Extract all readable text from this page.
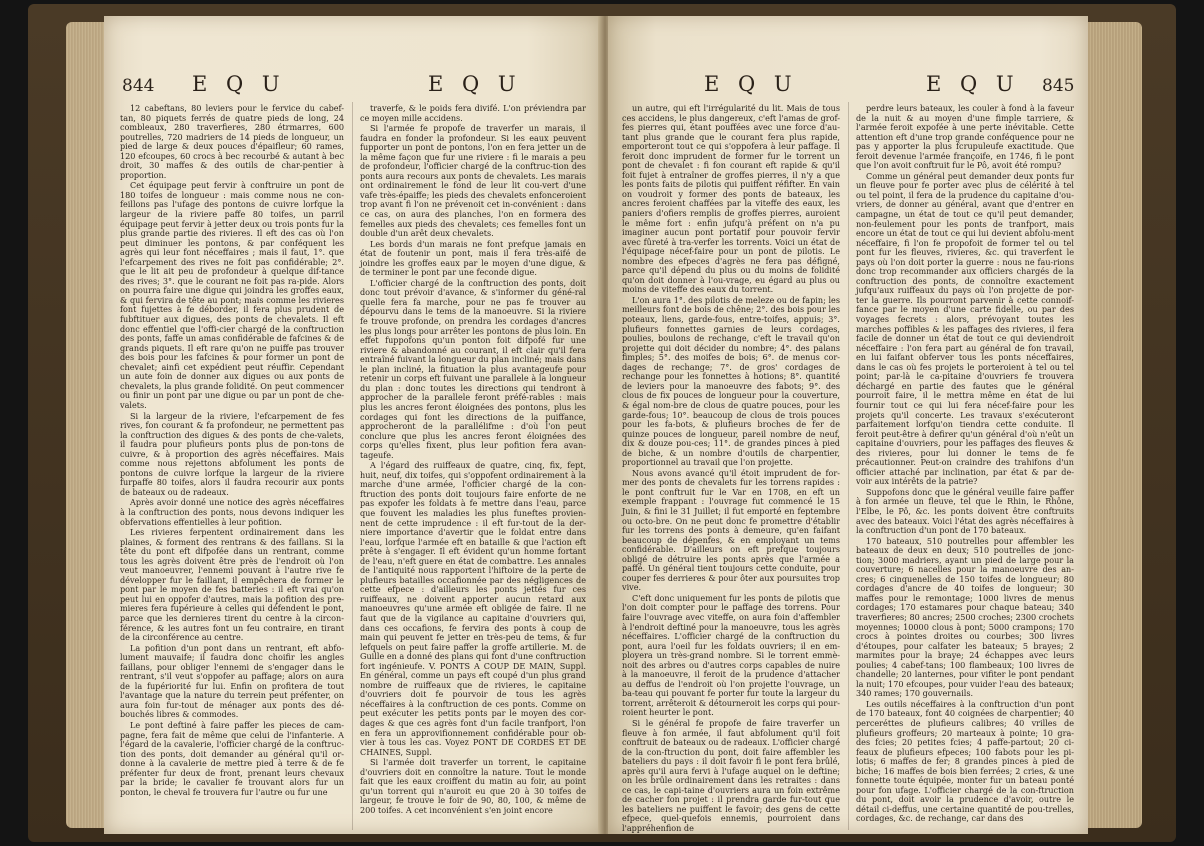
844 E Q U	E Q U

12 cabeftans, 80 leviers pour le fervice du cabef-tan, 80 piquets ferrés de quatre pieds de long, 24 combleaux, 280 traverfieres, 280 étrmarres, 600 poutrelles, 720 madriers de 14 pieds de longueur, un pied de large & deux pouces d'épaifleur; 60 rames, 120 efcoupes, 60 crocs à bec recourbé & autant à bec droit, 30 maffes & des outils de char-pentier à proportion.

Cet équipage peut fervir à conftruire un pont de 180 toifes de longueur : mais comme nous ne con-feillons pas l'ufage des pontons de cuivre lorfque la largeur de la riviere paffe 80 toifes, un parril équipage peut fervir à jetter deux ou trois ponts fur la plus grande partie des rivieres. Il eft des cas où l'on peut diminuer les pontons, & par conféquent les agrès qui leur font néceffaires ; mais il faut, 1°. que l'efcarpement des rives ne foit pas confidérable; 2°. que le lit ait peu de profondeur à quelque dif-tance des rives; 3°. que le courant ne foit pas ra-pide. Alors on pourra faire une digue qui joindra les groffes eaux, & qui fervira de tête au pont; mais comme les rivieres font fujettes à fe déborder, il fera plus prudent de fubftituer aux digues, des ponts de chevalets. Il eft donc effentiel que l'offi-cier chargé de la conftruction des ponts, faffe un amas confidérable de fafcines & de grands piquets. Il eft rare qu'on ne puiffe pas trouver des bois pour les fafcines & pour former un pont de chevalet; ainfi cet expédient peut réuffir. Cependant un aute foin de donner aux digues ou aux ponts de chevalets, la plus grande folidité. On peut commencer ou finir un pont par une digue ou par un pont de che-valets.

Si la largeur de la riviere, l'efcarpement de fes rives, fon courant & fa profondeur, ne permettent pas la conftruction des digues & des ponts de che-valets, il faudra pour plufieurs ponts plus de pon-tons de cuivre, & à proportion des agrès néceffaires. Mais comme nous rejettons abfolument les ponts de pontons de cuivre lorfque la largeur de la riviere furpaffe 80 toifes, alors il faudra recourir aux ponts de bateaux ou de radeaux.

Après avoir donné une notice des agrès néceffaires à la conftruction des ponts, nous devons indiquer les obfervations effentielles à leur pofition.

Les rivieres ferpentent ordinairement dans les plaines, & forment des rentrans & des faillans. Si la tête du pont eft difpofée dans un rentrant, comme tous les agrès doivent être près de l'endroit où l'on veut manoeuvrer, l'ennemi pouvant à l'autre rive fe développer fur le faillant, il empêchera de former le pont par le moyen de fes batteries : il eft vrai qu'on peut lui en oppofer d'autres, mais la pofition des pre-mieres fera fupérieure à celles qui défendent le pont, parce que les dernieres tirent du centre à la circon-férence, & les autres font un feu contraire, en tirant de la circonférence au centre.

La pofition d'un pont dans un rentrant, eft abfo-lument mauvaife; il faudra donc choifir les angles faillans, pour obliger l'ennemi de s'engager dans le rentrant, s'il veut s'oppofer au paffage; alors on aura de la fupériorité fur lui. Enfin on profitera de tout l'avantage que la nature du terrein peut préfenter, on aura foin fur-tout de ménager aux ponts des dé-bouchés libres & commodes.

Le pont deftiné à faire paffer les pieces de cam-pagne, fera fait de même que celui de l'infanterie. A l'égard de la cavalerie, l'officier chargé de la conftruc-tion des ponts, doit demander au général qu'il or-donne à la cavalerie de mettre pied à terre & de fe préfenter fur deux de front, prenant leurs chevaux par la bride; le cavalier fe trouvant alors fur un ponton, le cheval fe trouvera fur l'autre ou fur une

traverfe, & le poids fera divifé. L'on préviendra par ce moyen mille accidens.

Si l'armée fe propofe de traverfer un marais, il faudra en fonder la profondeur. Si les eaux peuvent fupporter un pont de pontons, l'on en fera jetter un de la même façon que fur une riviere : fi le marais a peu de profondeur, l'officier chargé de la conftruc-tion des ponts aura recours aux ponts de chevalets. Les marais ont ordinairement le fond de leur lit cou-vert d'une vafe très-épaiffe; les pieds des chevalets enfonceroient trop avant fi l'on ne prévenoit cet in-convénient : dans ce cas, on aura des planches, l'on en formera des femelles aux pieds des chevalets; ces femelles font un double d'un arêt deux chevalets.

Les bords d'un marais ne font prefque jamais en état de foutenir un pont, mais il fera très-aifé de joindre les groffes eaux par le moyen d'une digue, & de terminer le pont par une feconde digue.

L'officier chargé de la conftruction des ponts, doit donc tout prévoir d'avance, & s'informer du géné-ral quelle fera fa marche, pour ne pas fe trouver au dépourvu dans le tems de la manoeuvre. Si la riviere fe trouve profonde, on prendra les cordages d'ancres les plus longs pour arrêter les pontons de plus loin. En effet fuppofons qu'un ponton foit difpofé fur une riviere & abandonné au courant, il eft clair qu'il fera entraîné fuivant la longueur du plan incliné; mais dans le plan incliné, la fituation la plus avantageufe pour retenir un corps eft fuivant une parallele à la longueur du plan : donc toutes les directions qui tendront à approcher de la parallele feront préfé-rables : mais plus les ancres feront éloignées des pontons, plus les cordages qui font les directions de la puiffance, approcheront de la parallélifme : d'où l'on peut conclure que plus les ancres feront éloignées des corps qu'elles fixent, plus leur pofition fera avan-tageufe.

A l'égard des ruiffeaux de quatre, cinq, fix, fept, huit, neuf, dix toifes, qui s'oppofent ordinairement à la marche d'une armée, l'officier chargé de la con-ftruction des ponts doit toujours faire enforte de ne pas expofer les foldats à fe mettre dans l'eau, parce que fouvent les maladies les plus funeftes provien-nent de cette imprudence : il eft fur-tout de la der-niere importance d'avertir que le foldat entre dans l'eau, lorfque l'armée eft en bataille & que l'action eft prête à s'engager. Il eft évident qu'un homme fortant de l'eau, n'eft guere en état de combattre. Les annales de l'antiquité nous rapportent l'hiftoire de la perte de plufieurs batailles occafionnée par des négligences de cette efpece : d'ailleurs les ponts jettés fur ces ruiffeaux, ne doivent apporter aucun retard aux manoeuvres qu'une armée eft obligée de faire. Il ne faut que de la vigilance au capitaine d'ouvriers qui, dans ces occafions, fe fervira des ponts à coup de main qui peuvent fe jetter en très-peu de tems, & fur lefquels on peut faire paffer la groffe artillerie. M. de Guille en a donné des plans qui font d'une conftruction fort ingénieufe. V. PONTS A COUP DE MAIN, Suppl. En général, comme un pays eft coupé d'un plus grand nombre de ruiffeaux que de rivieres, le capitaine d'ouvriers doit fe pourvoir de tous les agrès néceffaires à la conftruction de ces ponts. Comme on peut exécuter les petits ponts par le moyen des cor-dages & que ces agrès font d'un facile tranfport, l'on en fera un approvifionnement confidérable pour ob-vier à tous les cas. Voyez PONT DE CORDES ET DE CHAINES, Suppl.

Si l'armée doit traverfer un torrent, le capitaine d'ouvriers doit en connoître la nature. Tout le monde fait que les eaux croiffent du matin au foir, au point qu'un torrent qui n'auroit eu que 20 à 30 toifes de largeur, fe trouve le foir de 90, 80, 100, & même de 200 toifes. A cet inconvénient s'en joint encore

E Q U	E Q U 845

un autre, qui eft l'irrégularité du lit. Mais de tous ces accidens, le plus dangereux, c'eft l'amas de grof-fes pierres qui, étant pouffées avec une force d'au-tant plus grande que le courant fera plus rapide, emporteront tout ce qui s'oppofera à leur paffage. Il feroit donc imprudent de former fur le torrent un pont de chevalet : fi fon courant eft rapide & qu'il foit fujet à entraîner de groffes pierres, il n'y a que les ponts faits de pilotis qui puiffent réfifter. En vain on voudroit y former des ponts de bateaux, les ancres feroient chaffées par la viteffe des eaux, les paniers d'ofiers remplis de groffes pierres, auroient le même fort : enfin jufqu'à préfent on n'a pu imaginer aucun pont portatif pour pouvoir fervir avec fûreté à tra-verfer les torrents. Voici un état de l'équipage nécef-faire pour un pont de pilotis. Le nombre des efpeces d'agrès ne fera pas défigné, parce qu'il dépend du plus ou du moins de folidité qu'on doit donner à l'ou-vrage, eu égard au plus ou moins de viteffe des eaux du torrent.

L'on aura 1°. des pilotis de meleze ou de fapin; les meilleurs font de bois de chêne; 2°. des bois pour les poteaux, liens, garde-fous, entre-toifes, appuis; 3°. plufieurs fonnettes garnies de leurs cordages, poulies, boulons de rechange, c'eft le travail qu'on projette qui doit décider du nombre; 4°. des palans fimples; 5°. des moifes de bois; 6°. de menus cor-dages de rechange; 7°. de gros' cordages de rechange pour les fonnettes à hotions; 8°. quantité de leviers pour la manoeuvre des fabots; 9°. des clous de fix pouces de longueur pour la couverture, & égal nom-bre de clous de quatre pouces, pour les garde-fous; 10°. beaucoup de clous de trois pouces pour les fa-bots, & plufieurs broches de fer de quinze pouces de longueur, pareil nombre de neuf, dix & douze pou-ces; 11°. de grandes pinces à pied de biche, & un nombre d'outils de charpentier, proportionnel au travail que l'on projette.

Nous avons avancé qu'il étoit imprudent de for-mer des ponts de chevalets fur les torrens rapides : le pont conftruit fur le Var en 1708, en eft un exemple frappant : l'ouvrage fut commencé le 15 Juin, & fini le 31 Juillet; il fut emporté en feptembre ou octo-bre. On ne peut donc fe promettre d'établir fur les torrens des ponts à demeure, qu'en faifant beaucoup de dépenfes, & en employant un tems confidérable. D'ailleurs on eft prefque toujours obligé de détruire les ponts après que l'armée a paffé. Un général tient toujours cette conduite, pour couper fes derrieres & pour ôter aux poursuites trop vive.

C'eft donc uniquement fur les ponts de pilotis que l'on doit compter pour le paffage des torrens. Pour faire l'ouvrage avec viteffe, on aura foin d'affembler à l'endroit deftiné pour la manoeuvre, tous les agrès néceffaires. L'officier chargé de la conftruction du pont, aura l'oeil fur les foldats ouvriers; il en em-ployera un très-grand nombre. Si le torrent emmè-noit des arbres ou d'autres corps capables de nuire à la manoeuvre, il feroit de la prudence d'attacher au deffus de l'endroit où l'on projette l'ouvrage, un ba-teau qui pouvant fe porter fur toute la largeur du torrent, arrêteroit & détourneroit les corps qui pour-roient heurter le pont.

Si le général fe propofe de faire traverfer un fleuve à fon armée, il faut abfolument qu'il foit conftruit de bateaux ou de radeaux. L'officier chargé de la con-ftruction du pont, doit faire affembler les bateliers du pays : il doit favoir fi le pont fera brûlé, après qu'il aura fervi à l'ufage auquel on le deftine; on les brûle ordinairement dans les retraites : dans ce cas, le capi-taine d'ouvriers aura un foin extrême de cacher fon projet : il prendra garde fur-tout que les bateliers ne puiffent le favoir; des gens de cette efpece, quel-quefois ennemis, pourroient dans l'appréhenfion de

perdre leurs bateaux, les couler à fond à la faveur de la nuit & au moyen d'une fimple tarriere, & l'armée feroit expofée à une perte inévitable. Cette attention eft d'une trop grande conféquence pour ne pas y apporter la plus fcrupuleufe exactitude. Que feroit devenue l'armée françoife, en 1746, fi le pont que l'on avoit conftruit fur le Pô, avoit été rompu?

Comme un général peut demander deux ponts fur un fleuve pour fe porter avec plus de célérité à tel ou tel point, il fera de la prudence du capitaine d'ou-vriers, de donner au général, avant que d'entrer en campagne, un état de tout ce qu'il peut demander, non-feulement pour les ponts de tranfport, mais encore un état de tout ce qui lui devient abfolu-ment néceffaire, fi l'on fe propofoit de former tel ou tel pont fur les fleuves, rivieres, &c. qui traverfent le pays où l'on doit porter la guerre : nous ne fau-rions donc trop recommander aux officiers chargés de la conftruction des ponts, de connoître exactement jufqu'aux ruiffeaux du pays où l'on projette de por-ter la guerre. Ils pourront parvenir à cette connoif-fance par le moyen d'une carte fidelle, ou par des voyages fecrets : alors, prévoyant toutes les marches poffibles & les paffages des rivieres, il fera facile de donner un état de tout ce qui deviendroit néceffaire : l'on fera part au général de fon travail, en lui faifant obferver tous les ponts néceffaires, dans le cas où fes projets le porteroient à tel ou tel point; par-là le ca-pitaine d'ouvriers fe trouvera déchargé en partie des fautes que le général pourroit faire, il le mettra même en état de lui fournir tout ce qui lui fera nécef-faire pour les projets qu'il concerte. Les travaux s'exécuteront parfaitement lorfqu'on tiendra cette conduite. Il feroit peut-être à defirer qu'un général d'où n'eût un capitaine d'ouvriers, pour les paffages des fleuves & des rivieres, pour lui donner le tems de fe précautionner. Peut-on craindre des trahifons d'un officier attaché par inclination, par état & par de-voir aux intérêts de la patrie?

Suppofons donc que le général veuille faire paffer à fon armée un fleuve, tel que le Rhin, le Rhône, l'Elbe, le Pô, &c. les ponts doivent être conftruits avec des bateaux. Voici l'état des agrès néceffaires à la conftruction d'un pont de 170 bateaux.

170 bateaux, 510 poutrelles pour affembler les bateaux de deux en deux; 510 poutrelles de jonc-tion; 3000 madriers, ayant un pied de large pour la couverture; 6 nacelles pour la manoeuvre des an-cres; 6 cinquenelles de 150 toifes de longueur; 80 cordages d'ancre de 40 toifes de longueur; 30 maffes pour le remontage; 1000 livres de menus cordages; 170 estamares pour chaque bateau; 340 traverfieres; 80 ancres; 2500 croches; 2300 crochets moyennes; 10000 clous à pont; 5000 crampons; 170 crocs à pointes droites ou courbes; 300 livres d'étoupes, pour calfater les bateaux; 5 brayes; 2 marmites pour la braye; 24 échappes avec leurs poulies; 4 cabef-tans; 100 flambeaux; 100 livres de chandelle; 20 lanternes, pour vifiter le pont pendant la nuit; 170 efcoupes, pour vuider l'eau des bateaux; 340 rames; 170 gouvernails.

Les outils néceffaires à la conftruction d'un pont de 170 bateaux, font 40 coignées de charpentier; 40 perceréttes de plufieurs calibres; 40 vrilles de plufieurs groffeurs; 20 marteaux à pointe; 10 gra-des fcies; 20 petites fcies; 4 paffe-partout; 20 ci-feaux de plufieurs efpeces; 100 fabots pour les pi-lotis; 6 maffes de fer; 8 grandes pinces à pied de biche; 16 maffes de bois bien ferrées; 2 cries, & une fonnette toute équipée, monter fur un bateau ponté pour fon ufage. L'officier chargé de la con-ftruction du pont, doit avoir la prudence d'avoir, outre le détail ci-deffus, une certaine quantité de pou-trelles, cordages, &c. de rechange, car dans des
